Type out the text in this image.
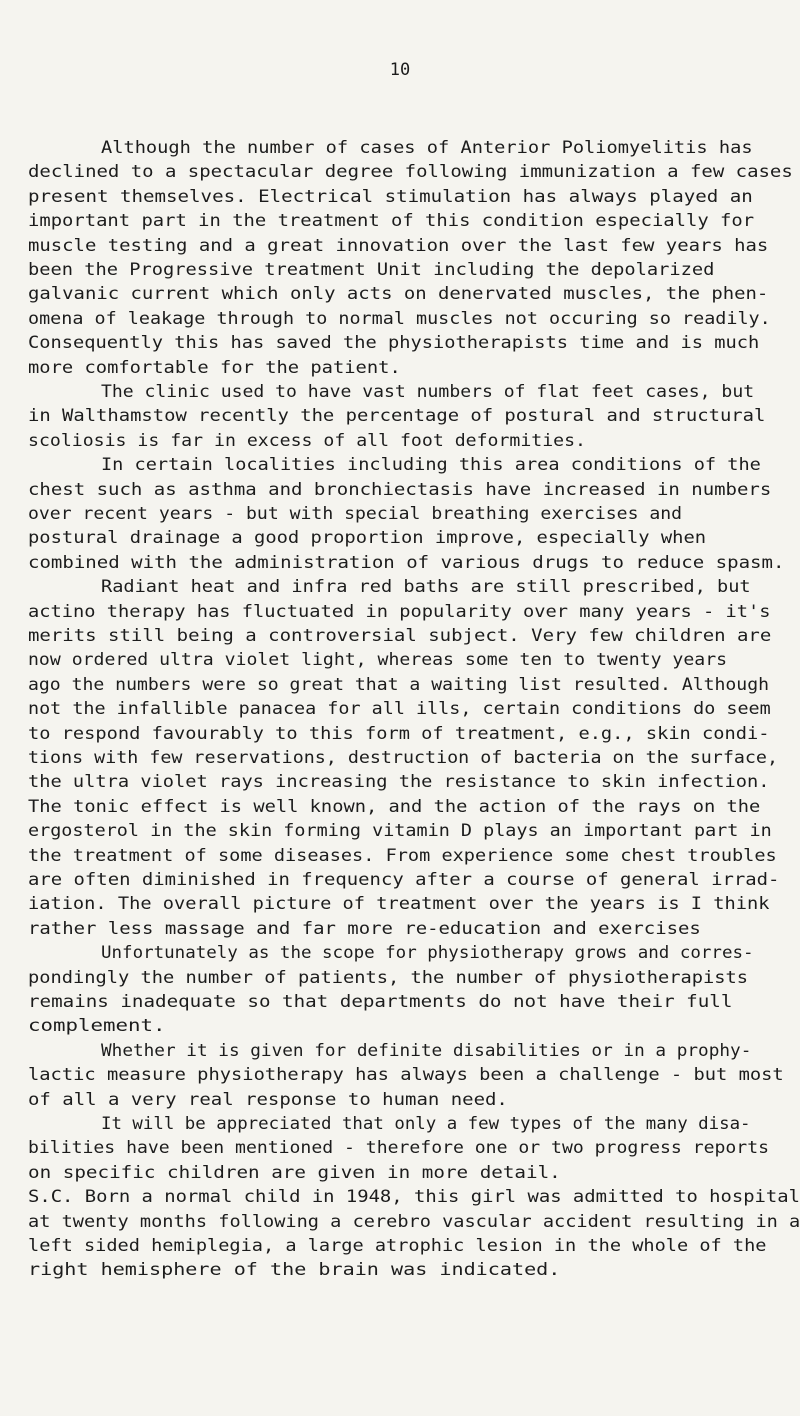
10
Although the number of cases of Anterior Poliomyelitis has
declined to a spectacular degree following immunization a few cases
present themselves. Electrical stimulation has always played an
important part in the treatment of this condition especially for
muscle testing and a great innovation over the last few years has
been the Progressive treatment Unit including the depolarized
galvanic current which only acts on denervated muscles, the phen-
omena of leakage through to normal muscles not occuring so readily.
Consequently this has saved the physiotherapists time and is much
more comfortable for the patient.
The clinic used to have vast numbers of flat feet cases, but
in Walthamstow recently the percentage of postural and structural
scoliosis is far in excess of all foot deformities.
In certain localities including this area conditions of the
chest such as asthma and bronchiectasis have increased in numbers
over recent years - but with special breathing exercises and
postural drainage a good proportion improve, especially when
combined with the administration of various drugs to reduce spasm.
Radiant heat and infra red baths are still prescribed, but
actino therapy has fluctuated in popularity over many years - it's
merits still being a controversial subject. Very few children are
now ordered ultra violet light, whereas some ten to twenty years
ago the numbers were so great that a waiting list resulted. Although
not the infallible panacea for all ills, certain conditions do seem
to respond favourably to this form of treatment, e.g., skin condi-
tions with few reservations, destruction of bacteria on the surface,
the ultra violet rays increasing the resistance to skin infection.
The tonic effect is well known, and the action of the rays on the
ergosterol in the skin forming vitamin D plays an important part in
the treatment of some diseases. From experience some chest troubles
are often diminished in frequency after a course of general irrad-
iation. The overall picture of treatment over the years is I think
rather less massage and far more re-education and exercises
Unfortunately as the scope for physiotherapy grows and corres-
pondingly the number of patients, the number of physiotherapists
remains inadequate so that departments do not have their full
complement.
Whether it is given for definite disabilities or in a prophy-
lactic measure physiotherapy has always been a challenge - but most
of all a very real response to human need.
It will be appreciated that only a few types of the many disa-
bilities have been mentioned - therefore one or two progress reports
on specific children are given in more detail.
S.C. Born a normal child in 1948, this girl was admitted to hospital
at twenty months following a cerebro vascular accident resulting in a
left sided hemiplegia, a large atrophic lesion in the whole of the
right hemisphere of the brain was indicated.
